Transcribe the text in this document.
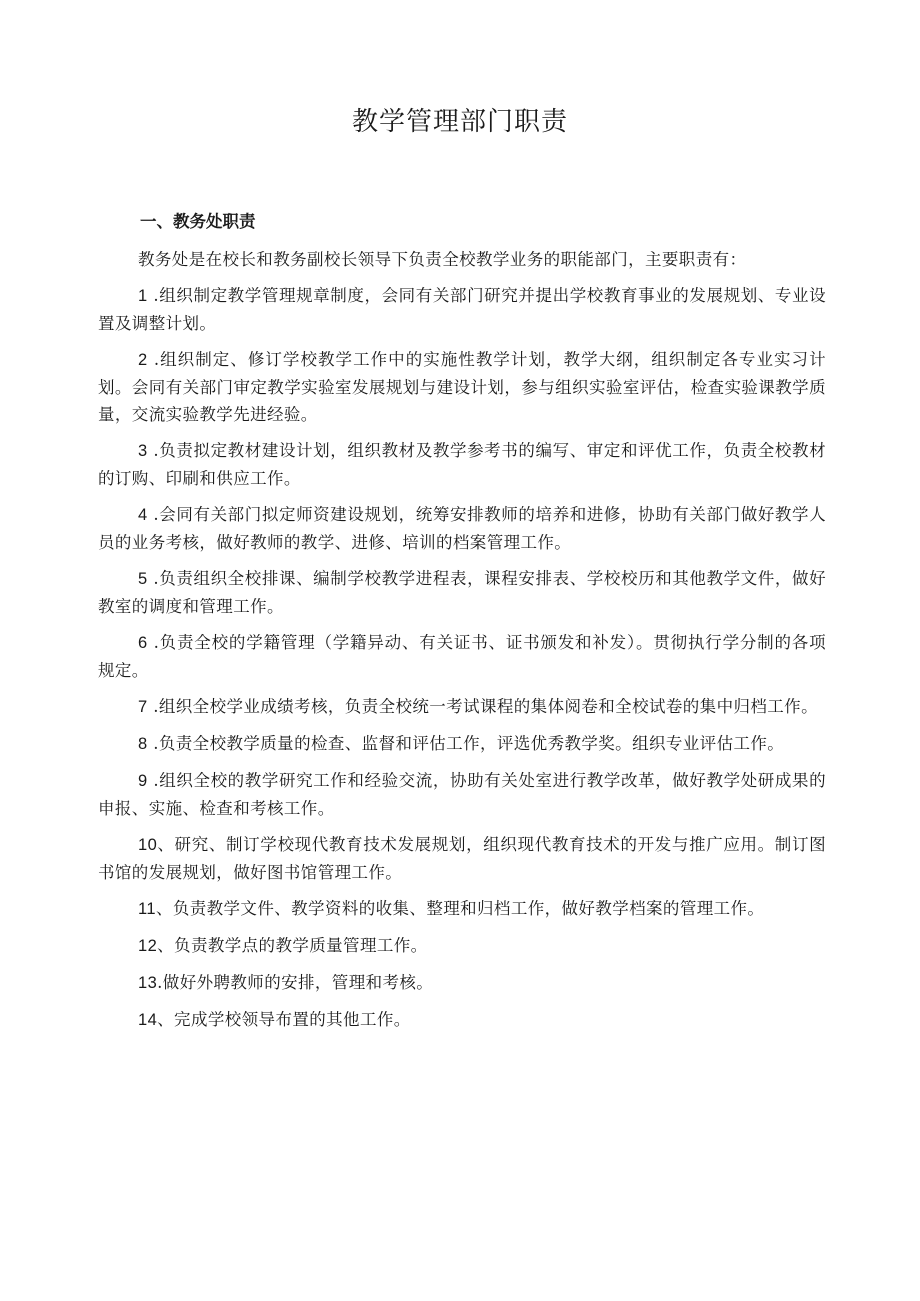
教学管理部门职责
一、教务处职责

教务处是在校长和教务副校长领导下负责全校教学业务的职能部门，主要职责有：

1 .组织制定教学管理规章制度，会同有关部门研究并提出学校教育事业的发展规划、专业设置及调整计划。

2 .组织制定、修订学校教学工作中的实施性教学计划，教学大纲，组织制定各专业实习计划。会同有关部门审定教学实验室发展规划与建设计划，参与组织实验室评估，检查实验课教学质量，交流实验教学先进经验。

3 .负责拟定教材建设计划，组织教材及教学参考书的编写、审定和评优工作，负责全校教材的订购、印刷和供应工作。

4 .会同有关部门拟定师资建设规划，统筹安排教师的培养和进修，协助有关部门做好教学人员的业务考核，做好教师的教学、进修、培训的档案管理工作。

5 .负责组织全校排课、编制学校教学进程表，课程安排表、学校校历和其他教学文件，做好教室的调度和管理工作。

6 .负责全校的学籍管理（学籍异动、有关证书、证书颁发和补发）。贯彻执行学分制的各项规定。

7 .组织全校学业成绩考核，负责全校统一考试课程的集体阅卷和全校试卷的集中归档工作。

8 .负责全校教学质量的检查、监督和评估工作，评选优秀教学奖。组织专业评估工作。

9 .组织全校的教学研究工作和经验交流，协助有关处室进行教学改革，做好教学处研成果的申报、实施、检查和考核工作。

10、研究、制订学校现代教育技术发展规划，组织现代教育技术的开发与推广应用。制订图书馆的发展规划，做好图书馆管理工作。

11、负责教学文件、教学资料的收集、整理和归档工作，做好教学档案的管理工作。

12、负责教学点的教学质量管理工作。

13.做好外聘教师的安排，管理和考核。

14、完成学校领导布置的其他工作。
